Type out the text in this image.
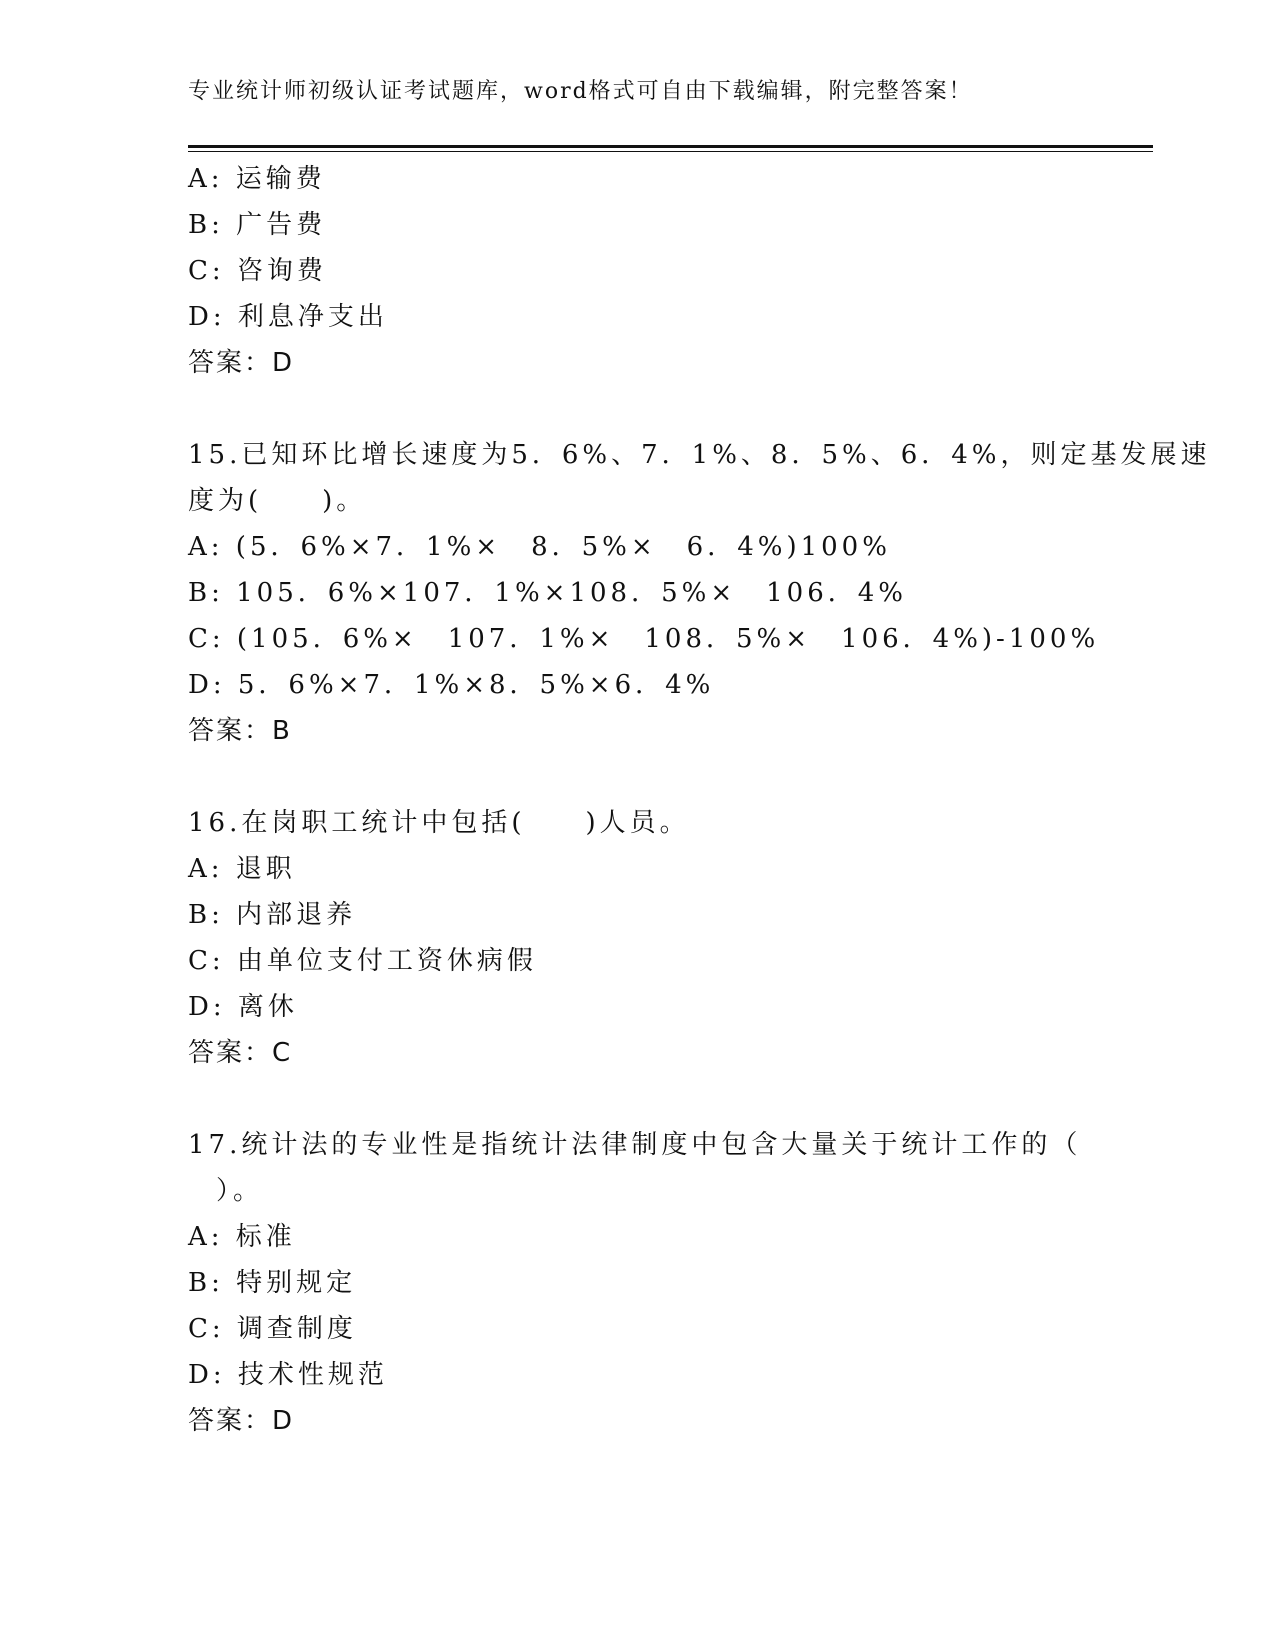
专业统计师初级认证考试题库，word格式可自由下载编辑，附完整答案！
A: 运输费
B: 广告费
C: 咨询费
D: 利息净支出
答案：D
15.已知环比增长速度为5．6%、7．1%、8．5%、6．4%，则定基发展速
度为(　　)。
A: (5．6%×7．1%×　8．5%×　6．4%)100%
B: 105．6%×107．1%×108．5%×　106．4%
C: (105．6%×　107．1%×　108．5%×　106．4%)-100%
D: 5．6%×7．1%×8．5%×6．4%
答案：B
16.在岗职工统计中包括(　　)人员。
A: 退职
B: 内部退养
C: 由单位支付工资休病假
D: 离休
答案：C
17.统计法的专业性是指统计法律制度中包含大量关于统计工作的（
）。
A: 标准
B: 特别规定
C: 调查制度
D: 技术性规范
答案：D
